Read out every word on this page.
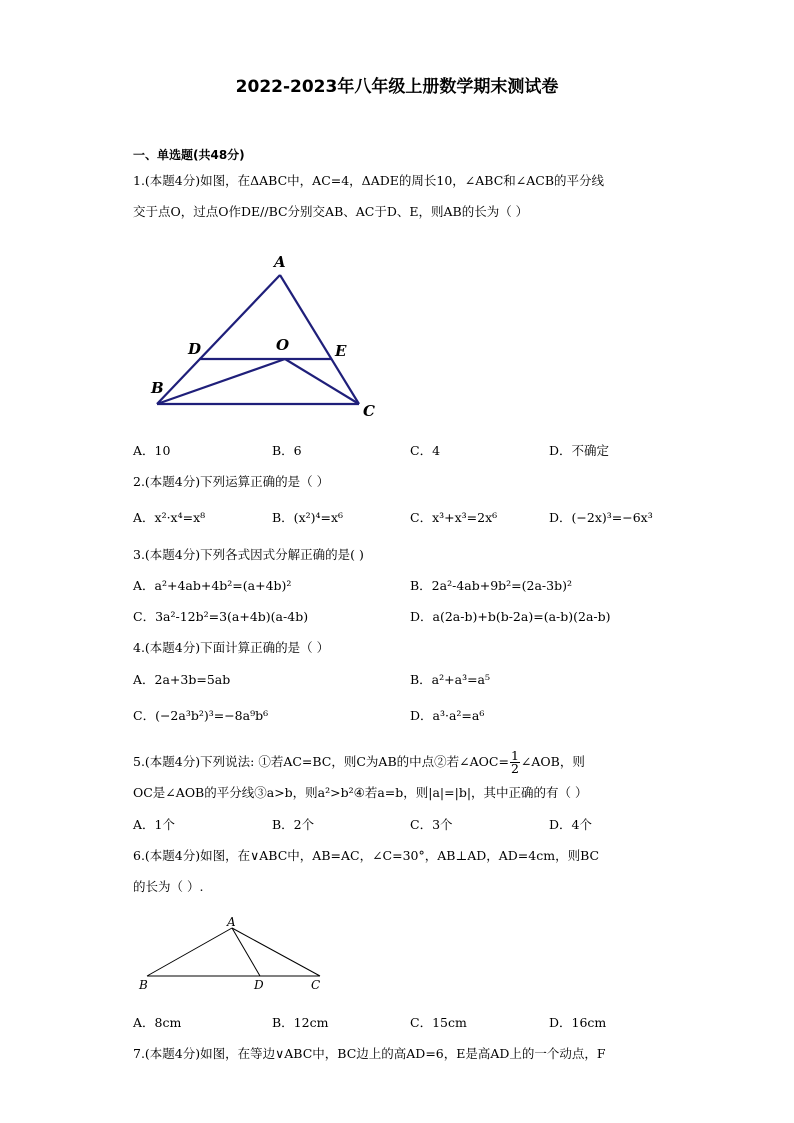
2022-2023年八年级上册数学期末测试卷
一、单选题(共48分)
1.(本题4分)如图，在ΔABC中，AC=4，ΔADE的周长10，∠ABC和∠ACB的平分线
交于点O，过点O作DE//BC分别交AB、AC于D、E，则AB的长为（ ）
A
B
C
D	E
O
A．10	B．6	C．4	D．不确定
2.(本题4分)下列运算正确的是（ ）
A．x²·x⁴=x⁸	B．(x²)⁴=x⁶	C．x³+x³=2x⁶	D．(−2x)³=−6x³
3.(本题4分)下列各式因式分解正确的是( )
A．a²+4ab+4b²=(a+4b)²	B．2a²-4ab+9b²=(2a-3b)²
C．3a²-12b²=3(a+4b)(a-4b)	D．a(2a-b)+b(b-2a)=(a-b)(2a-b)
4.(本题4分)下面计算正确的是（ ）
A．2a+3b=5ab	B．a²+a³=a⁵
C．(−2a³b²)³=−8a⁹b⁶	D．a³·a²=a⁶
5.(本题4分)下列说法: ①若AC=BC，则C为AB的中点②若∠AOC= $\frac{1}{2}$ ∠AOB，则
OC是∠AOB的平分线③a>b，则a²>b²④若a=b，则|a|=|b|，其中正确的有（ ）
A．1个	B．2个	C．3个	D．4个
6.(本题4分)如图，在∨ABC中，AB=AC，∠C=30°，AB⊥AD，AD=4cm，则BC
的长为（ ）.
A
B	C
D
A．8cm	B．12cm	C．15cm	D．16cm
7.(本题4分)如图，在等边∨ABC中，BC边上的高AD=6，E是高AD上的一个动点，F
